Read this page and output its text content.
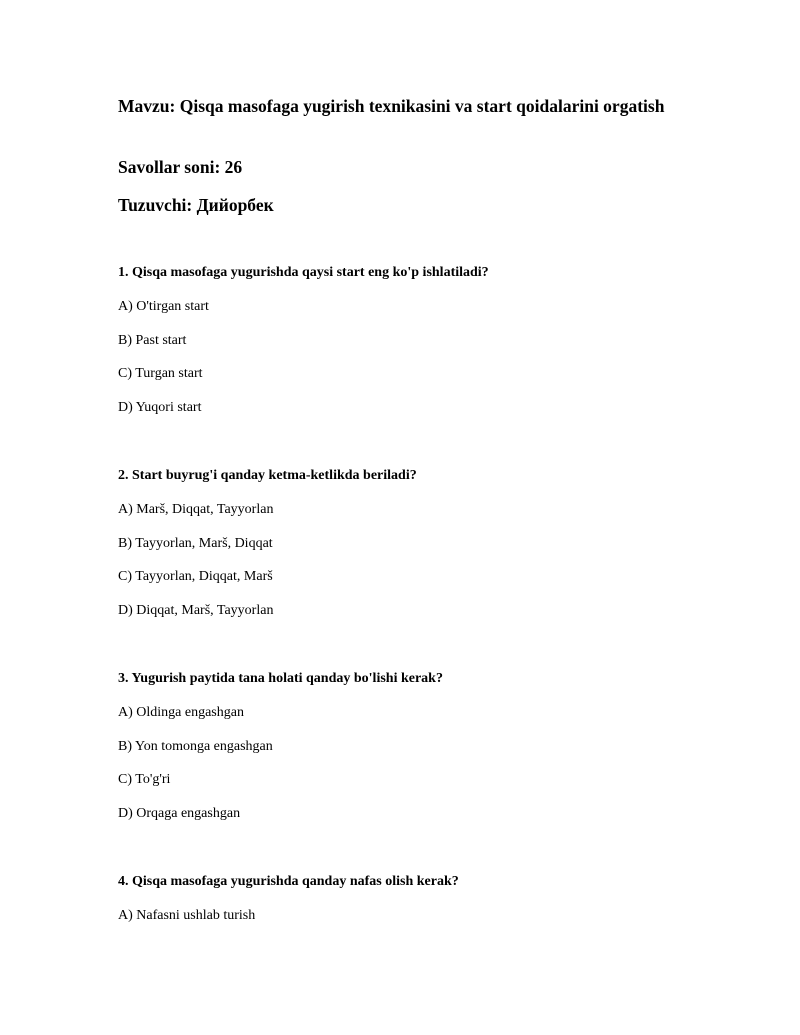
Mavzu: Qisqa masofaga yugirish texnikasini va start qoidalarini orgatish

Savollar soni: 26

Tuzuvchi: Дийорбек

1. Qisqa masofaga yugurishda qaysi start eng ko'p ishlatiladi?

A) O'tirgan start

B) Past start

C) Turgan start

D) Yuqori start

2. Start buyrug'i qanday ketma-ketlikda beriladi?

A) Marš, Diqqat, Tayyorlan

B) Tayyorlan, Marš, Diqqat

C) Tayyorlan, Diqqat, Marš

D) Diqqat, Marš, Tayyorlan

3. Yugurish paytida tana holati qanday bo'lishi kerak?

A) Oldinga engashgan

B) Yon tomonga engashgan

C) To'g'ri

D) Orqaga engashgan

4. Qisqa masofaga yugurishda qanday nafas olish kerak?

A) Nafasni ushlab turish
